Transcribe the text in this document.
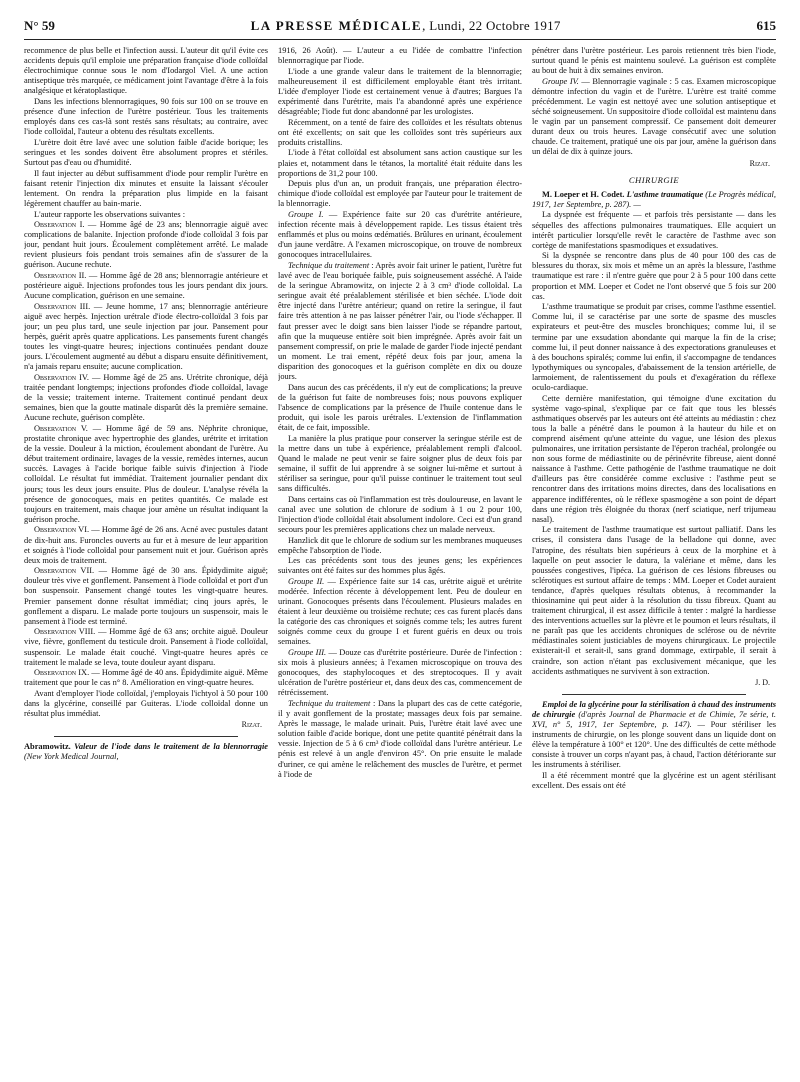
N° 59	LA PRESSE MÉDICALE, Lundi, 22 Octobre 1917	615

recommence de plus belle et l'infection aussi. L'auteur dit qu'il évite ces accidents depuis qu'il emploie une préparation française d'iode colloïdal électrochimique connue sous le nom d'Iodargol Viel. A une action antiseptique très marquée, ce médicament joint l'avantage d'être à la fois analgésique et kératoplastique.

Dans les infections blennorragiques, 90 fois sur 100 on se trouve en présence d'une infection de l'urètre postérieur. Tous les traitements employés dans ces cas-là sont restés sans résultats; au contraire, avec l'iode colloïdal, l'auteur a obtenu des résultats excellents.

L'urètre doit être lavé avec une solution faible d'acide borique; les seringues et les sondes doivent être absolument propres et stériles. Surtout pas d'eau ou d'humidité.

Il faut injecter au début suffisamment d'iode pour remplir l'urètre en faisant retenir l'injection dix minutes et ensuite la laissant s'écouler lentement. On rendra la préparation plus limpide en la faisant légèrement chauffer au bain-marie.

L'auteur rapporte les observations suivantes :

Observation I. — Homme âgé de 23 ans; blennorragie aiguë avec complications de balanite. Injection profonde d'iode colloïdal 3 fois par jour, pendant huit jours. Écoulement complètement arrêté. Le malade revient plusieurs fois pendant trois semaines afin de s'assurer de la guérison. Aucune rechute.

Observation II. — Homme âgé de 28 ans; blennorragie antérieure et postérieure aiguë. Injections profondes tous les jours pendant dix jours. Aucune complication, guérison en une semaine.

Observation III. — Jeune homme, 17 ans; blennorragie antérieure aiguë avec herpès. Injection urétrale d'iode électro-colloïdal 3 fois par jour; un peu plus tard, une seule injection par jour. Pansement pour herpès, guérit après quatre applications. Les pansements furent changés toutes les vingt-quatre heures; injections continuées pendant douze jours. L'écoulement augmenté au début a disparu ensuite définitivement, n'a jamais reparu ensuite; aucune complication.

Observation IV. — Homme âgé de 25 ans. Urétrite chronique, déjà traitée pendant longtemps; injections profondes d'iode colloïdal, lavage de la vessie; traitement interne. Traitement continué pendant deux semaines, bien que la goutte matinale disparût dès la première semaine. Aucune rechute, guérison complète.

Observation V. — Homme âgé de 59 ans. Néphrite chronique, prostatite chronique avec hypertrophie des glandes, urétrite et irritation de la vessie. Douleur à la miction, écoulement abondant de l'urètre. Au début traitement ordinaire, lavages de la vessie, remèdes internes, aucun succès. Lavages à l'acide borique faible suivis d'injection à l'iode colloïdal. Le résultat fut immédiat. Traitement journalier pendant dix jours; tous les deux jours ensuite. Plus de douleur. L'analyse révéla la présence de gonocoques, mais en petites quantités. Ce malade est toujours en traitement, mais chaque jour amène un résultat indiquant la guérison proche.

Observation VI. — Homme âgé de 26 ans. Acné avec pustules datant de dix-huit ans. Furoncles ouverts au fur et à mesure de leur apparition et soignés à l'iode colloïdal pour pansement nuit et jour. Guérison après deux mois de traitement.

Observation VII. — Homme âgé de 30 ans. Épidydimite aiguë; douleur très vive et gonflement. Pansement à l'iode colloïdal et port d'un bon suspensoir. Pansement changé toutes les vingt-quatre heures. Premier pansement donne résultat immédiat; cinq jours après, le gonflement a disparu. Le malade porte toujours un suspensoir, mais le pansement à l'iode est terminé.

Observation VIII. — Homme âgé de 63 ans; orchite aiguë. Douleur vive, fièvre, gonflement du testicule droit. Pansement à l'iode colloïdal, suspensoir. Le malade était couché. Vingt-quatre heures après ce traitement le malade se leva, toute douleur ayant disparu.

Observation IX. — Homme âgé de 40 ans. Épidydimite aiguë. Même traitement que pour le cas n° 8. Amélioration en vingt-quatre heures.

Avant d'employer l'iode colloïdal, j'employais l'ichtyol à 50 pour 100 dans la glycérine, conseillé par Guiteras. L'iode colloïdal donne un résultat plus immédiat.

Rizat.

Abramowitz. Valeur de l'iode dans le traitement de la blennorragie (New York Medical Journal,

1916, 26 Août). — L'auteur a eu l'idée de combattre l'infection blennorragique par l'iode.

L'iode a une grande valeur dans le traitement de la blennorragie; malheureusement il est difficilement employable étant très irritant. L'idée d'employer l'iode est certainement venue à d'autres; Bargues l'a expérimenté dans l'urétrite, mais l'a abandonné après une expérience désagréable; l'iode fut donc abandonné par les urologistes.

Récemment, on a tenté de faire des colloïdes et les résultats obtenus ont été excellents; on sait que les colloïdes sont très supérieurs aux produits cristallins.

L'iode à l'état colloïdal est absolument sans action caustique sur les plaies et, notamment dans le tétanos, la mortalité était réduite dans les proportions de 31,2 pour 100.

Depuis plus d'un an, un produit français, une préparation électro-chimique d'iode colloïdal est employée par l'auteur pour le traitement de la blennorragie.

Groupe I. — Expérience faite sur 20 cas d'urétrite antérieure, infection récente mais à développement rapide. Les tissus étaient très enflammés et plus ou moins œdématiés. Brûlures en urinant, écoulement d'un jaune verdâtre. A l'examen microscopique, on trouve de nombreux gonocoques intracellulaires.

Technique du traitement : Après avoir fait uriner le patient, l'urètre fut lavé avec de l'eau boriquée faible, puis soigneusement asséché. A l'aide de la seringue Abramowitz, on injecte 2 à 3 cm³ d'iode colloïdal. La seringue avait été préalablement stérilisée et bien séchée. L'iode doit être injecté dans l'urètre antérieur; quand on retire la seringue, il faut faire très attention à ne pas laisser pénétrer l'air, ou l'iode s'échapper. Il faut presser avec le doigt sans bien laisser l'iode se répandre partout, afin que la muqueuse entière soit bien imprégnée. Après avoir fait un pansement compressif, on prie le malade de garder l'iode injecté pendant un moment. Le trai ement, répété deux fois par jour, amena la disparition des gonocoques et la guérison complète en dix ou douze jours.

Dans aucun des cas précédents, il n'y eut de complications; la preuve de la guérison fut faite de nombreuses fois; nous pouvons expliquer l'absence de complications par la présence de l'huile contenue dans le produit, qui isole les parois urétrales. L'extension de l'inflammation était, de ce fait, impossible.

La manière la plus pratique pour conserver la seringue stérile est de la mettre dans un tube à expérience, préalablement rempli d'alcool. Quand le malade ne peut venir se faire soigner plus de deux fois par semaine, il suffit de lui apprendre à se soigner lui-même et surtout à stériliser sa seringue, pour qu'il puisse continuer le traitement tout seul sans difficultés.

Dans certains cas où l'inflammation est très douloureuse, en lavant le canal avec une solution de chlorure de sodium à 1 ou 2 pour 100, l'injection d'iode colloïdal était absolument indolore. Ceci est d'un grand secours pour les premières applications chez un malade nerveux.

Hanzlick dit que le chlorure de sodium sur les membranes muqueuses empêche l'absorption de l'iode.

Les cas précédents sont tous des jeunes gens; les expériences suivantes ont été faites sur des hommes plus âgés.

Groupe II. — Expérience faite sur 14 cas, urétrite aiguë et urétrite modérée. Infection récente à développement lent. Peu de douleur en urinant. Gonocoques présents dans l'écoulement. Plusieurs malades en étaient à leur deuxième ou troisième rechute; ces cas furent placés dans la catégorie des cas chroniques et soignés comme tels; les autres furent soignés comme ceux du groupe I et furent guéris en deux ou trois semaines.

Groupe III. — Douze cas d'urétrite postérieure. Durée de l'infection : six mois à plusieurs années; à l'examen microscopique on trouva des gonocoques, des staphylocoques et des streptocoques. Il y avait ulcération de l'urètre postérieur et, dans deux des cas, commencement de rétrécissement.

Technique du traitement : Dans la plupart des cas de cette catégorie, il y avait gonflement de la prostate; massages deux fois par semaine. Après le massage, le malade urinait. Puis, l'urètre était lavé avec une solution faible d'acide borique, dont une petite quantité pénétrait dans la vessie. Injection de 5 à 6 cm³ d'iode colloïdal dans l'urètre antérieur. Le pénis est relevé à un angle d'environ 45°. On prie ensuite le malade d'uriner, ce qui amène le relâchement des muscles de l'urètre, et permet à l'iode de

pénétrer dans l'urètre postérieur. Les parois retiennent très bien l'iode, surtout quand le pénis est maintenu soulevé. La guérison est complète au bout de huit à dix semaines environ.

Groupe IV. — Blennorragie vaginale : 5 cas. Examen microscopique démontre infection du vagin et de l'urètre. L'urètre est traité comme précédemment. Le vagin est nettoyé avec une solution antiseptique et séché soigneusement. Un suppositoire d'iode colloïdal est maintenu dans le vagin par un pansement compressif. Ce pansement doit demeurer durant deux ou trois heures. Lavage consécutif avec une solution chaude. Ce traitement, pratiqué une ois par jour, amène la guérison dans un délai de dix à quinze jours.

Rizat.
CHIRURGIE

M. Loeper et H. Codet. L'asthme traumatique (Le Progrès médical, 1917, 1er Septembre, p. 287). —

La dyspnée est fréquente — et parfois très persistante — dans les séquelles des affections pulmonaires traumatiques. Elle acquiert un intérêt particulier lorsqu'elle revêt le caractère de l'asthme avec son cortège de manifestations spasmodiques et exsudatives.

Si la dyspnée se rencontre dans plus de 40 pour 100 des cas de blessures du thorax, six mois et même un an après la blessure, l'asthme traumatique est rare : il n'entre guère que pour 2 à 5 pour 100 dans cette proportion et MM. Loeper et Codet ne l'ont observé que 5 fois sur 200 cas.

L'asthme traumatique se produit par crises, comme l'asthme essentiel. Comme lui, il se caractérise par une sorte de spasme des muscles expirateurs et peut-être des muscles bronchiques; comme lui, il se termine par une exsudation abondante qui marque la fin de la crise; comme lui, il peut donner naissance à des expectorations granuleuses et à des bouchons spiralés; comme lui enfin, il s'accompagne de tendances lypothymiques ou syncopales, d'abaissement de la tension artérielle, de larmoiement, de ralentissement du pouls et d'exagération du réflexe oculo-cardiaque.

Cette dernière manifestation, qui témoigne d'une excitation du système vago-spinal, s'explique par ce fait que tous les blessés asthmatiques observés par les auteurs ont été atteints au médiastin : chez tous la balle a pénétré dans le poumon à la hauteur du hile et on comprend aisément qu'une atteinte du vague, une lésion des plexus pulmonaires, une irritation persistante de l'éperon trachéal, prolongée ou non sous forme de médiastinite ou de périnévrite fibreuse, aient donné naissance à l'asthme. Cette pathogénie de l'asthme traumatique ne doit d'ailleurs pas être considérée comme exclusive : l'asthme peut se rencontrer dans des irritations moins directes, dans des localisations en apparence indifférentes, où le réflexe spasmogène a son point de départ dans une région très éloignée du thorax (nerf sciatique, nerf trijumeau nasal).

Le traitement de l'asthme traumatique est surtout palliatif. Dans les crises, il consistera dans l'usage de la belladone qui donne, avec l'atropine, des résultats bien supérieurs à ceux de la morphine et à laquelle on peut associer le datura, la valériane et même, dans les poussées congestives, l'ipéca. La guérison de ces lésions fibreuses ou sclérotiques est surtout affaire de temps : MM. Loeper et Codet auraient tendance, d'après quelques résultats obtenus, à recommander la thiosinamine qui peut aider à la résolution du tissu fibreux. Quant au traitement chirurgical, il est assez difficile à tenter : malgré la hardiesse des interventions actuelles sur la plèvre et le poumon et leurs résultats, il ne paraît pas que les accidents chroniques de sclérose ou de névrite médiastinales soient justiciables de moyens chirurgicaux. Le projectile existerait-il et serait-il, sans grand dommage, extirpable, il serait à craindre, son action n'étant pas exclusivement mécanique, que les accidents asthmatiques ne survivent à son extraction.

J. D.

Emploi de la glycérine pour la stérilisation à chaud des instruments de chirurgie (d'après Journal de Pharmacie et de Chimie, 7e série, t. XVI, n° 5, 1917, 1er Septembre, p. 147). — Pour stériliser les instruments de chirurgie, on les plonge souvent dans un liquide dont on élève la température à 100° et 120°. Une des difficultés de cette méthode consiste à trouver un corps n'ayant pas, à chaud, l'action détériorante sur les instruments à stériliser.

Il a été récemment montré que la glycérine est un agent stérilisant excellent. Des essais ont été
